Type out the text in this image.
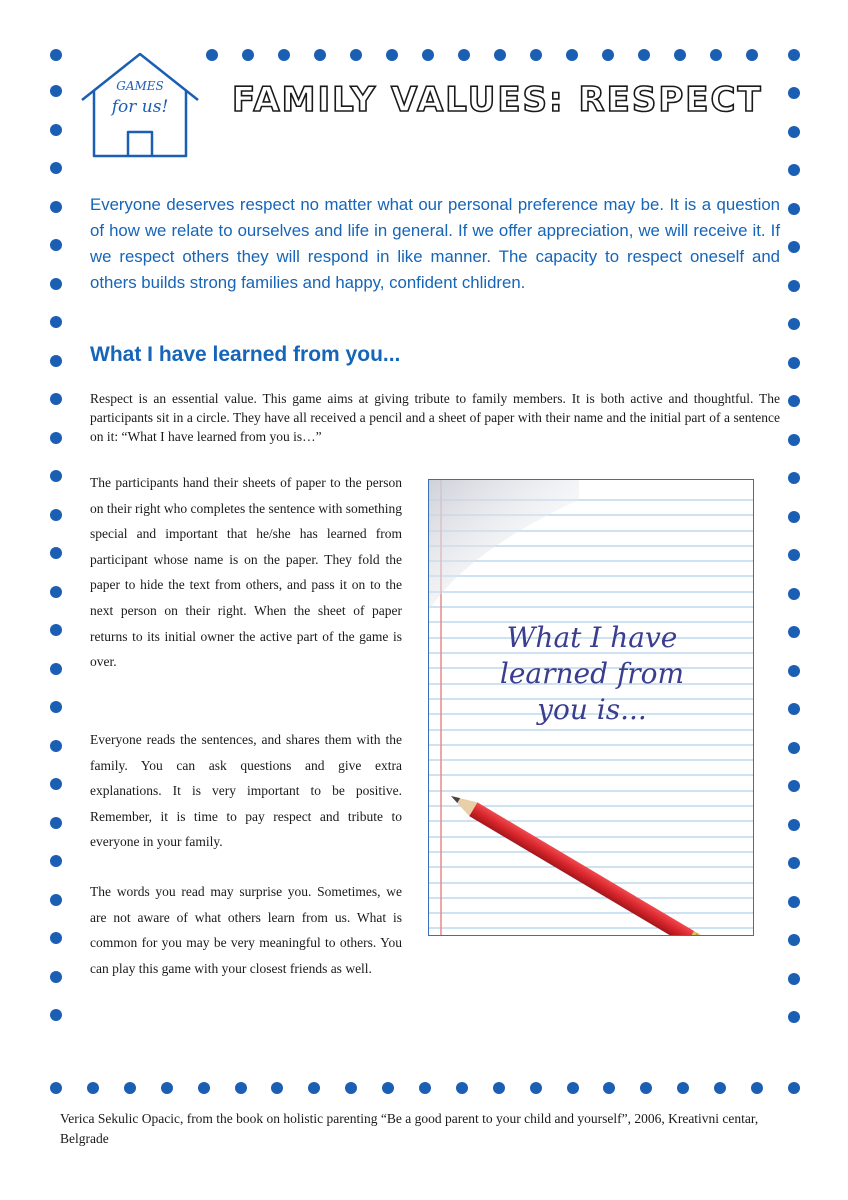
GAMES
for us! FAMILY VALUES: RESPECT
Everyone deserves respect no matter what our personal preference may be. It is a question of how we relate to ourselves and life in general. If we offer appreciation, we will receive it. If we respect others they will respond in like manner. The capacity to respect oneself and others builds strong families and happy, confident chlidren.
What I have learned from you...
Respect is an essential value. This game aims at giving tribute to family members. It is both active and thoughtful. The participants sit in a circle. They have all received a pencil and a sheet of paper with their name and the initial part of a sentence on it: “What I have learned from you is…”
The participants hand their sheets of paper to the person on their right who completes the sentence with something special and important that he/she has learned from participant whose name is on the paper. They fold the paper to hide the text from others, and pass it on to the next person on their right. When the sheet of paper returns to its initial owner the active part of the game is over.
Everyone reads the sentences, and shares them with the family. You can ask questions and give extra explanations. It is very important to be positive. Remember, it is time to pay respect and tribute to everyone in your family.
The words you read may surprise you. Sometimes, we are not aware of what others learn from us. What is common for you may be very meaningful to others. You can play this game with your closest friends as well.
What I have
learned from
you is...
Verica Sekulic Opacic, from the book on holistic parenting “Be a good parent to your child and yourself”, 2006, Kreativni centar, Belgrade
